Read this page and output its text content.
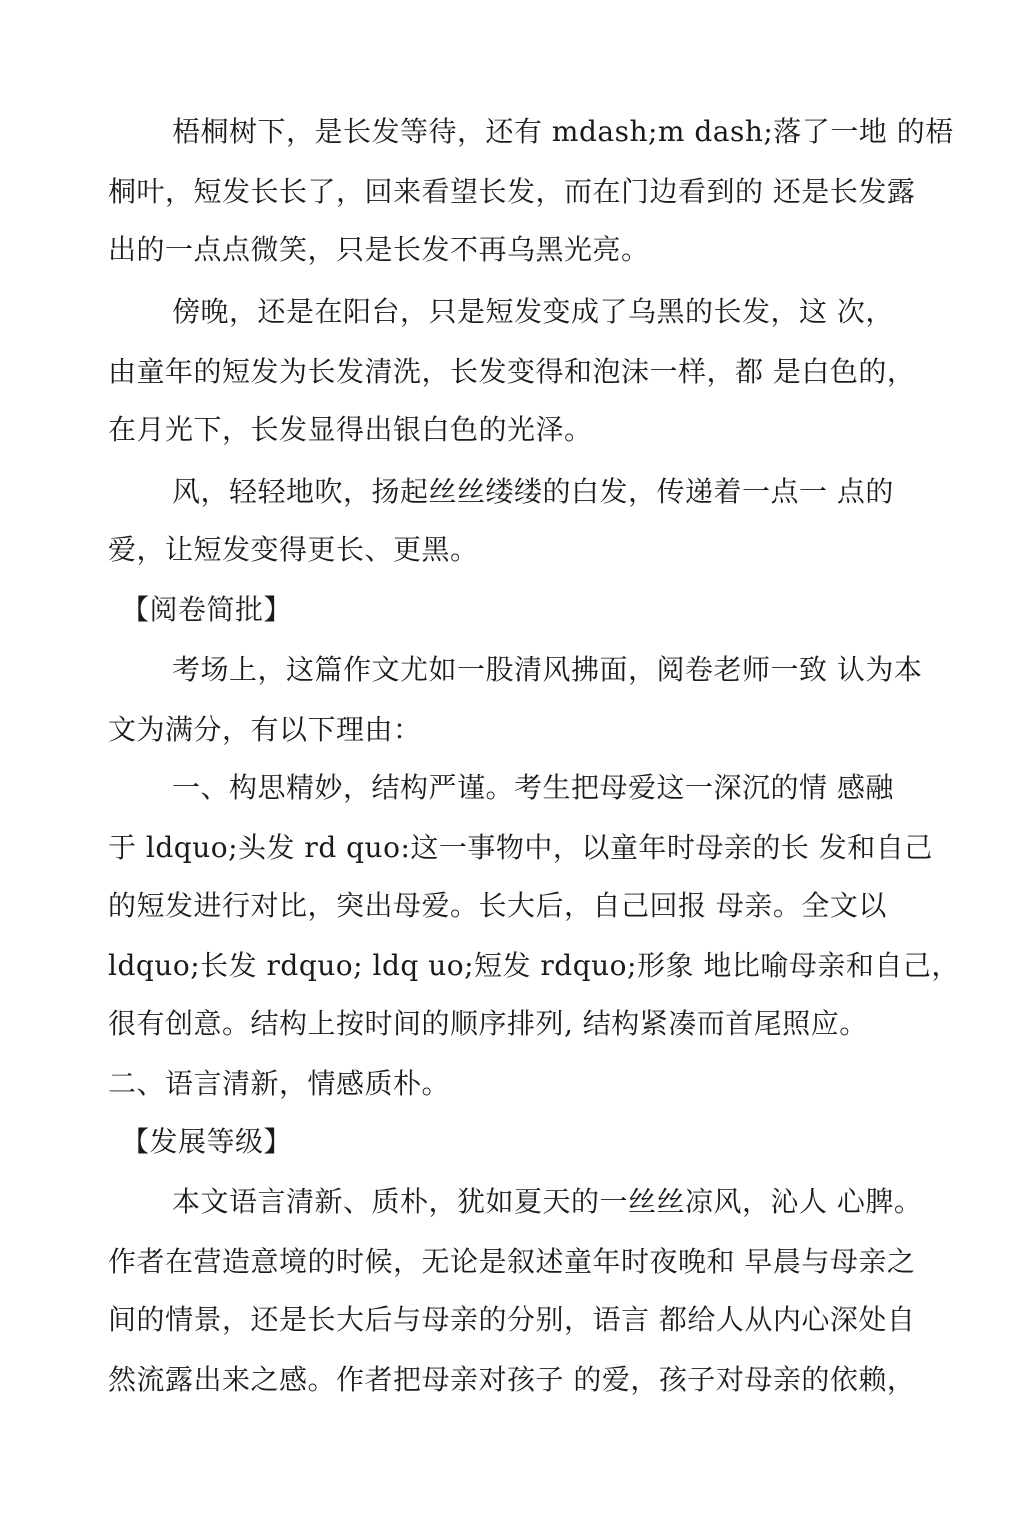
梧桐树下，是长发等待，还有 mdash;m dash;落了一地 的梧
桐叶，短发长长了，回来看望长发，而在门边看到的 还是长发露
出的一点点微笑，只是长发不再乌黑光亮。
傍晚，还是在阳台，只是短发变成了乌黑的长发，这 次，
由童年的短发为长发清洗，长发变得和泡沫一样，都 是白色的，
在月光下，长发显得出银白色的光泽。
风，轻轻地吹，扬起丝丝缕缕的白发，传递着一点一 点的
爱，让短发变得更长、更黑。
【阅卷简批】
考场上，这篇作文尤如一股清风拂面，阅卷老师一致 认为本
文为满分，有以下理由：
一、构思精妙，结构严谨。考生把母爱这一深沉的情 感融
于 ldquo;头发 rd quo:这一事物中，以童年时母亲的长 发和自己
的短发进行对比，突出母爱。长大后，自己回报 母亲。全文以
ldquo;长发 rdquo; ldq uo;短发 rdquo;形象 地比喻母亲和自己，
很有创意。结构上按时间的顺序排列, 结构紧凑而首尾照应。
二、语言清新，情感质朴。
【发展等级】
本文语言清新、质朴，犹如夏天的一丝丝凉风，沁人 心脾。
作者在营造意境的时候，无论是叙述童年时夜晚和 早晨与母亲之
间的情景，还是长大后与母亲的分别，语言 都给人从内心深处自
然流露出来之感。作者把母亲对孩子 的爱，孩子对母亲的依赖，
